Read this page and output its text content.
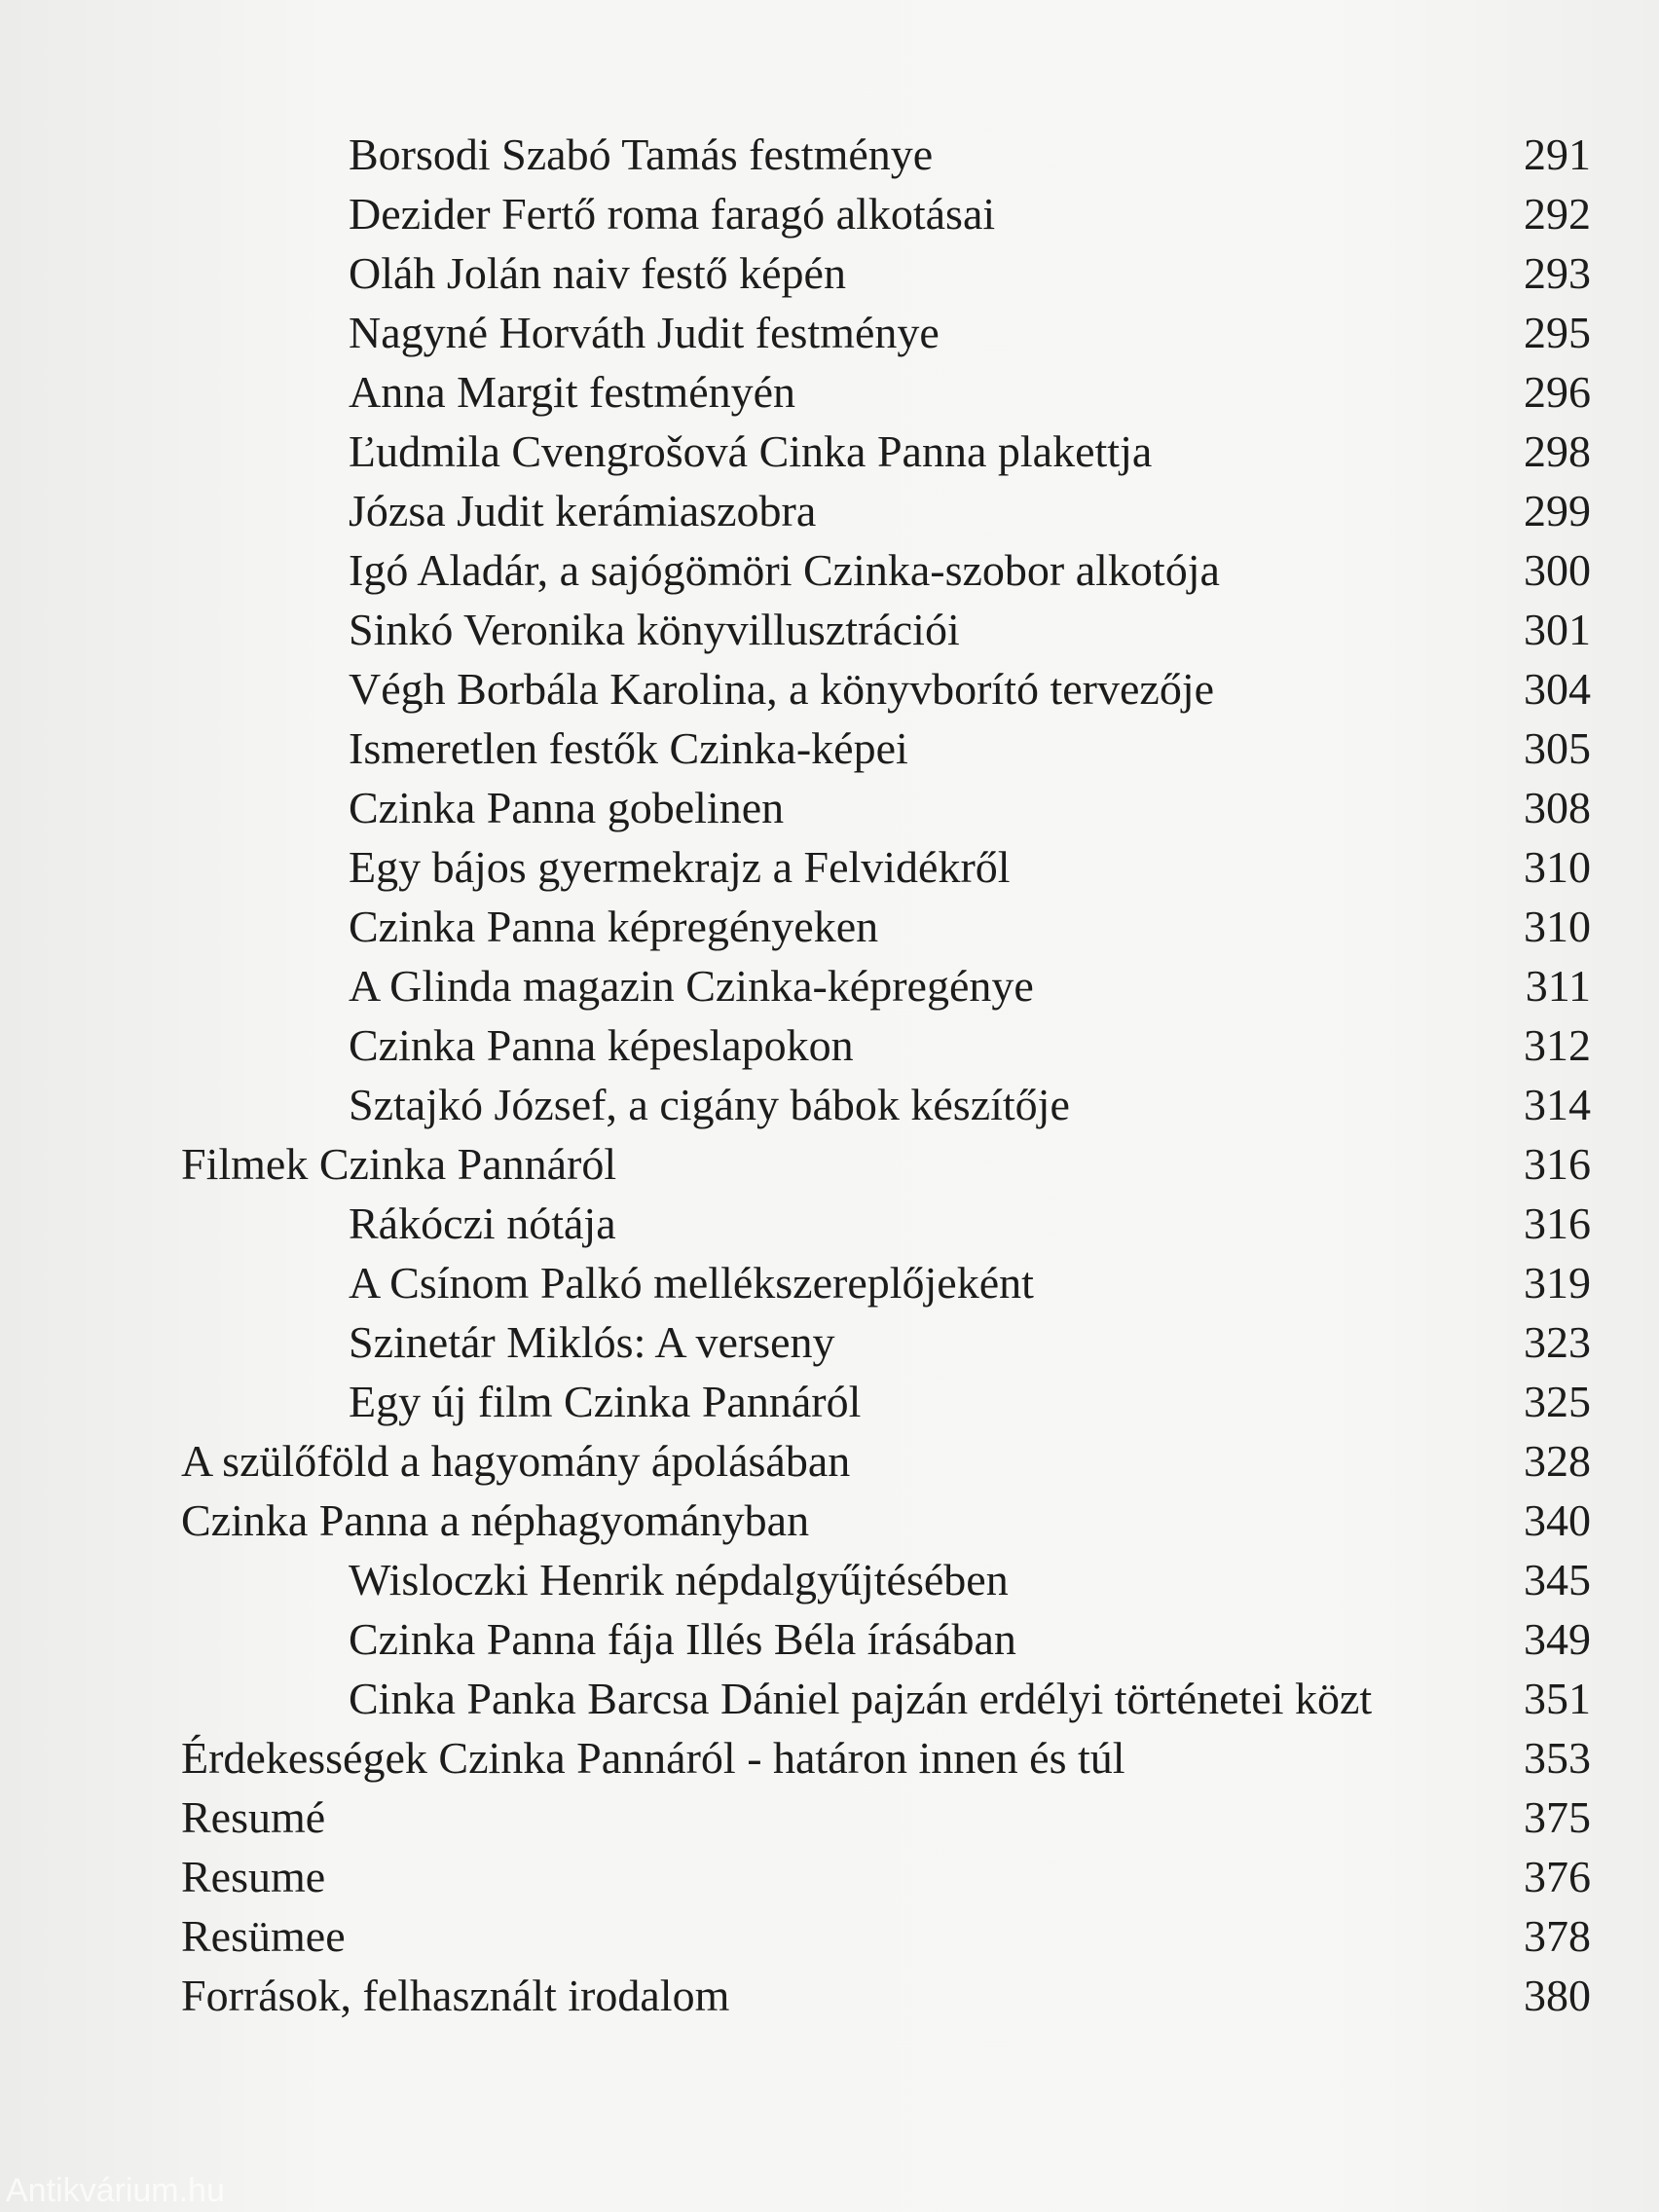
Borsodi Szabó Tamás festménye	291
Dezider Fertő roma faragó alkotásai	292
Oláh Jolán naiv festő képén	293
Nagyné Horváth Judit festménye	295
Anna Margit festményén	296
Ľudmila Cvengrošová Cinka Panna plakettja	298
Józsa Judit kerámiaszobra	299
Igó Aladár, a sajógömöri Czinka-szobor alkotója	300
Sinkó Veronika könyvillusztrációi	301
Végh Borbála Karolina, a könyvborító tervezője	304
Ismeretlen festők Czinka-képei	305
Czinka Panna gobelinen	308
Egy bájos gyermekrajz a Felvidékről	310
Czinka Panna képregényeken	310
A Glinda magazin Czinka-képregénye	311
Czinka Panna képeslapokon	312
Sztajkó József, a cigány bábok készítője	314
Filmek Czinka Pannáról	316
Rákóczi nótája	316
A Csínom Palkó mellékszereplőjeként	319
Szinetár Miklós: A verseny	323
Egy új film Czinka Pannáról	325
A szülőföld a hagyomány ápolásában	328
Czinka Panna a néphagyományban	340
Wisloczki Henrik népdalgyűjtésében	345
Czinka Panna fája Illés Béla írásában	349
Cinka Panka Barcsa Dániel pajzán erdélyi történetei közt	351
Érdekességek Czinka Pannáról - határon innen és túl	353
Resumé	375
Resume	376
Resümee	378
Források, felhasznált irodalom	380
Antikvárium.hu
